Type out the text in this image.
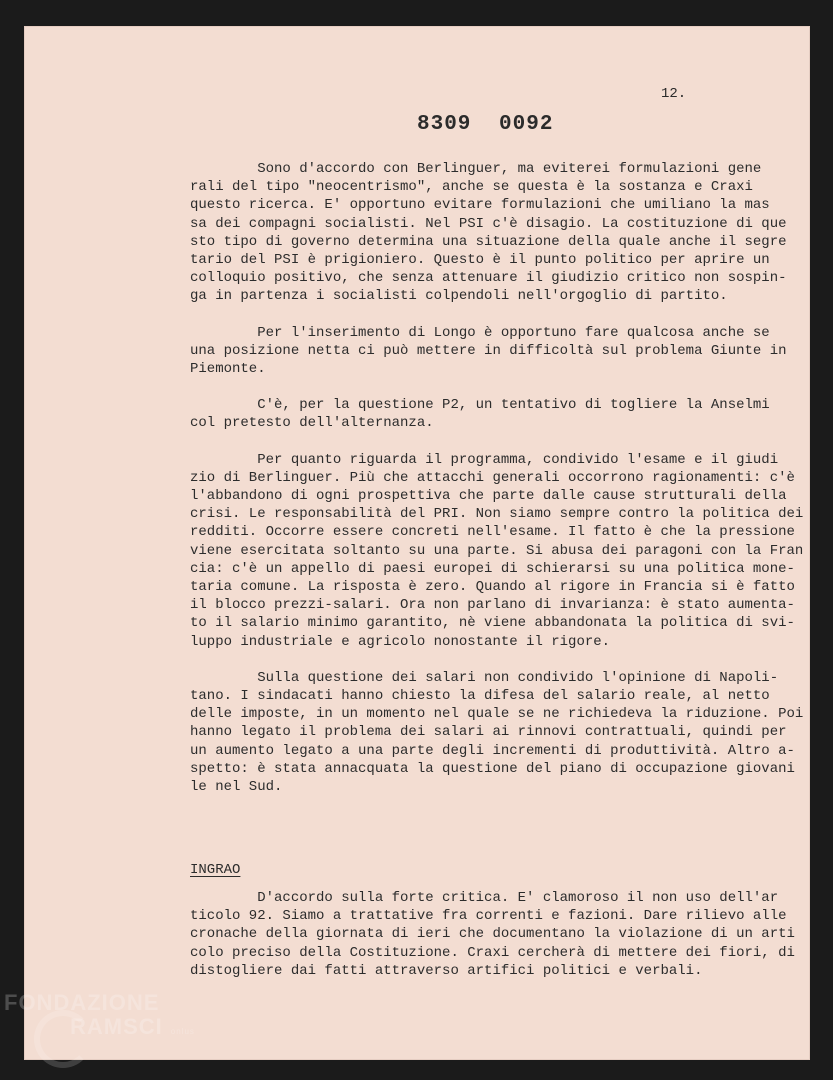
12.
8309 0092

Sono d'accordo con Berlinguer, ma eviterei formulazioni gene
rali del tipo "neocentrismo", anche se questa è la sostanza e Craxi
questo ricerca. E' opportuno evitare formulazioni che umiliano la mas
sa dei compagni socialisti. Nel PSI c'è disagio. La costituzione di que
sto tipo di governo determina una situazione della quale anche il segre
tario del PSI è prigioniero. Questo è il punto politico per aprire un
colloquio positivo, che senza attenuare il giudizio critico non sospin-
ga in partenza i socialisti colpendoli nell'orgoglio di partito.

Per l'inserimento di Longo è opportuno fare qualcosa anche se
una posizione netta ci può mettere in difficoltà sul problema Giunte in
Piemonte.

C'è, per la questione P2, un tentativo di togliere la Anselmi
col pretesto dell'alternanza.

Per quanto riguarda il programma, condivido l'esame e il giudi
zio di Berlinguer. Più che attacchi generali occorrono ragionamenti: c'è
l'abbandono di ogni prospettiva che parte dalle cause strutturali della
crisi. Le responsabilità del PRI. Non siamo sempre contro la politica dei
redditi. Occorre essere concreti nell'esame. Il fatto è che la pressione
viene esercitata soltanto su una parte. Si abusa dei paragoni con la Fran
cia: c'è un appello di paesi europei di schierarsi su una politica mone-
taria comune. La risposta è zero. Quando al rigore in Francia si è fatto
il blocco prezzi-salari. Ora non parlano di invarianza: è stato aumenta-
to il salario minimo garantito, nè viene abbandonata la politica di svi-
luppo industriale e agricolo nonostante il rigore.

Sulla questione dei salari non condivido l'opinione di Napoli-
tano. I sindacati hanno chiesto la difesa del salario reale, al netto
delle imposte, in un momento nel quale se ne richiedeva la riduzione. Poi
hanno legato il problema dei salari ai rinnovi contrattuali, quindi per
un aumento legato a una parte degli incrementi di produttività. Altro a-
spetto: è stata annacquata la questione del piano di occupazione giovani
le nel Sud.

INGRAO
D'accordo sulla forte critica. E' clamoroso il non uso dell'ar
ticolo 92. Siamo a trattative fra correnti e fazioni. Dare rilievo alle
cronache della giornata di ieri che documentano la violazione di un arti
colo preciso della Costituzione. Craxi cercherà di mettere dei fiori, di
distogliere dai fatti attraverso artifici politici e verbali.
FONDAZIONE
RAMSCI onlus
